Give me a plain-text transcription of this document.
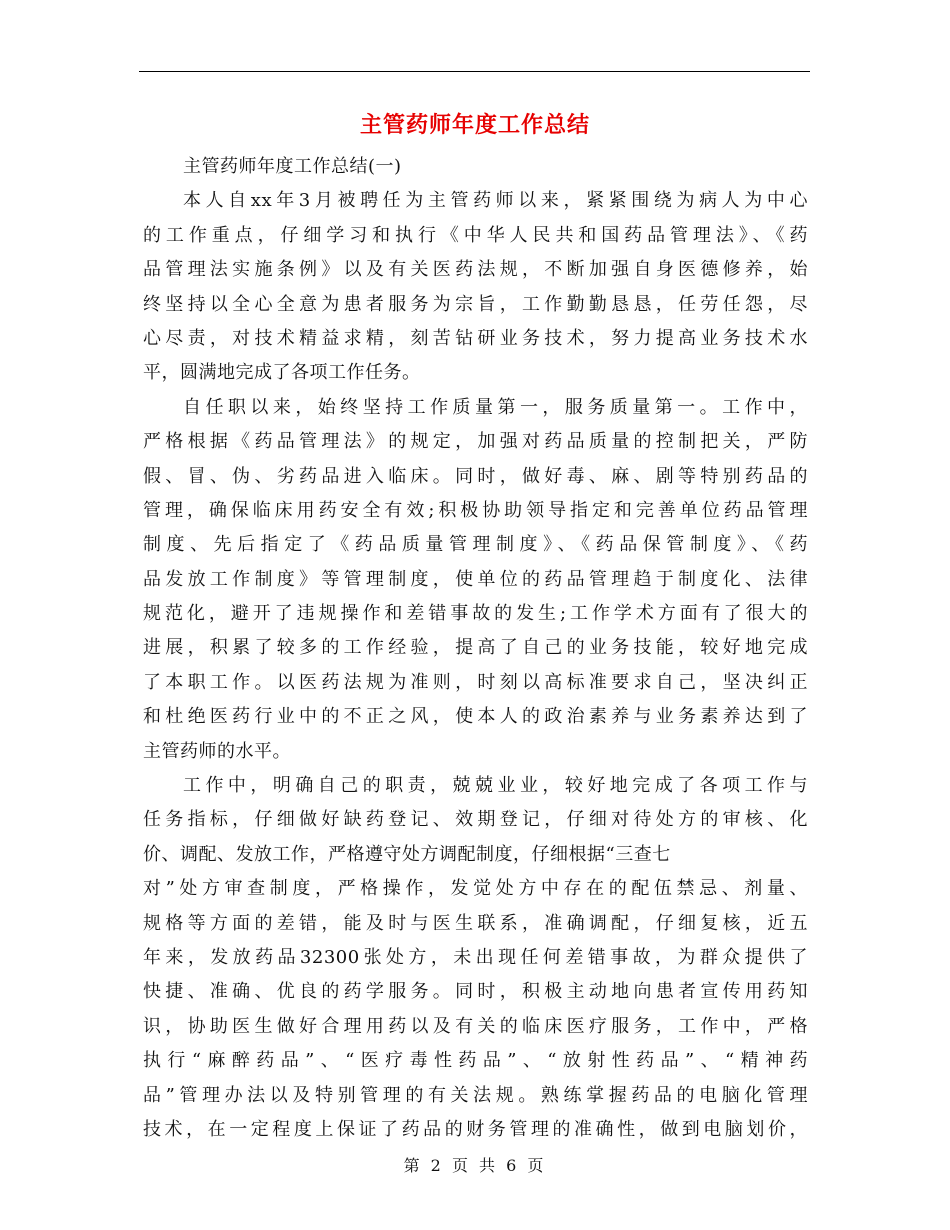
主管药师年度工作总结
主管药师年度工作总结(一)
本人自xx年3月被聘任为主管药师以来，紧紧围绕为病人为中心
的工作重点，仔细学习和执行《中华人民共和国药品管理法》、《药
品管理法实施条例》以及有关医药法规，不断加强自身医德修养，始
终坚持以全心全意为患者服务为宗旨，工作勤勤恳恳，任劳任怨，尽
心尽责，对技术精益求精，刻苦钻研业务技术，努力提高业务技术水
平，圆满地完成了各项工作任务。
自任职以来，始终坚持工作质量第一，服务质量第一。工作中，
严格根据《药品管理法》的规定，加强对药品质量的控制把关，严防
假、冒、伪、劣药品进入临床。同时，做好毒、麻、剧等特别药品的
管理，确保临床用药安全有效;积极协助领导指定和完善单位药品管理
制度、先后指定了《药品质量管理制度》、《药品保管制度》、《药
品发放工作制度》等管理制度，使单位的药品管理趋于制度化、法律
规范化，避开了违规操作和差错事故的发生;工作学术方面有了很大的
进展，积累了较多的工作经验，提高了自己的业务技能，较好地完成
了本职工作。以医药法规为准则，时刻以高标准要求自己，坚决纠正
和杜绝医药行业中的不正之风，使本人的政治素养与业务素养达到了
主管药师的水平。
工作中，明确自己的职责，兢兢业业，较好地完成了各项工作与
任务指标，仔细做好缺药登记、效期登记，仔细对待处方的审核、化
价、调配、发放工作，严格遵守处方调配制度，仔细根据“三查七
对”处方审查制度，严格操作，发觉处方中存在的配伍禁忌、剂量、
规格等方面的差错，能及时与医生联系，准确调配，仔细复核，近五
年来，发放药品32300张处方，未出现任何差错事故，为群众提供了
快捷、准确、优良的药学服务。同时，积极主动地向患者宣传用药知
识，协助医生做好合理用药以及有关的临床医疗服务，工作中，严格
执行“麻醉药品”、“医疗毒性药品”、“放射性药品”、“精神药
品”管理办法以及特别管理的有关法规。熟练掌握药品的电脑化管理
技术，在一定程度上保证了药品的财务管理的准确性，做到电脑划价，
第 2 页 共 6 页
